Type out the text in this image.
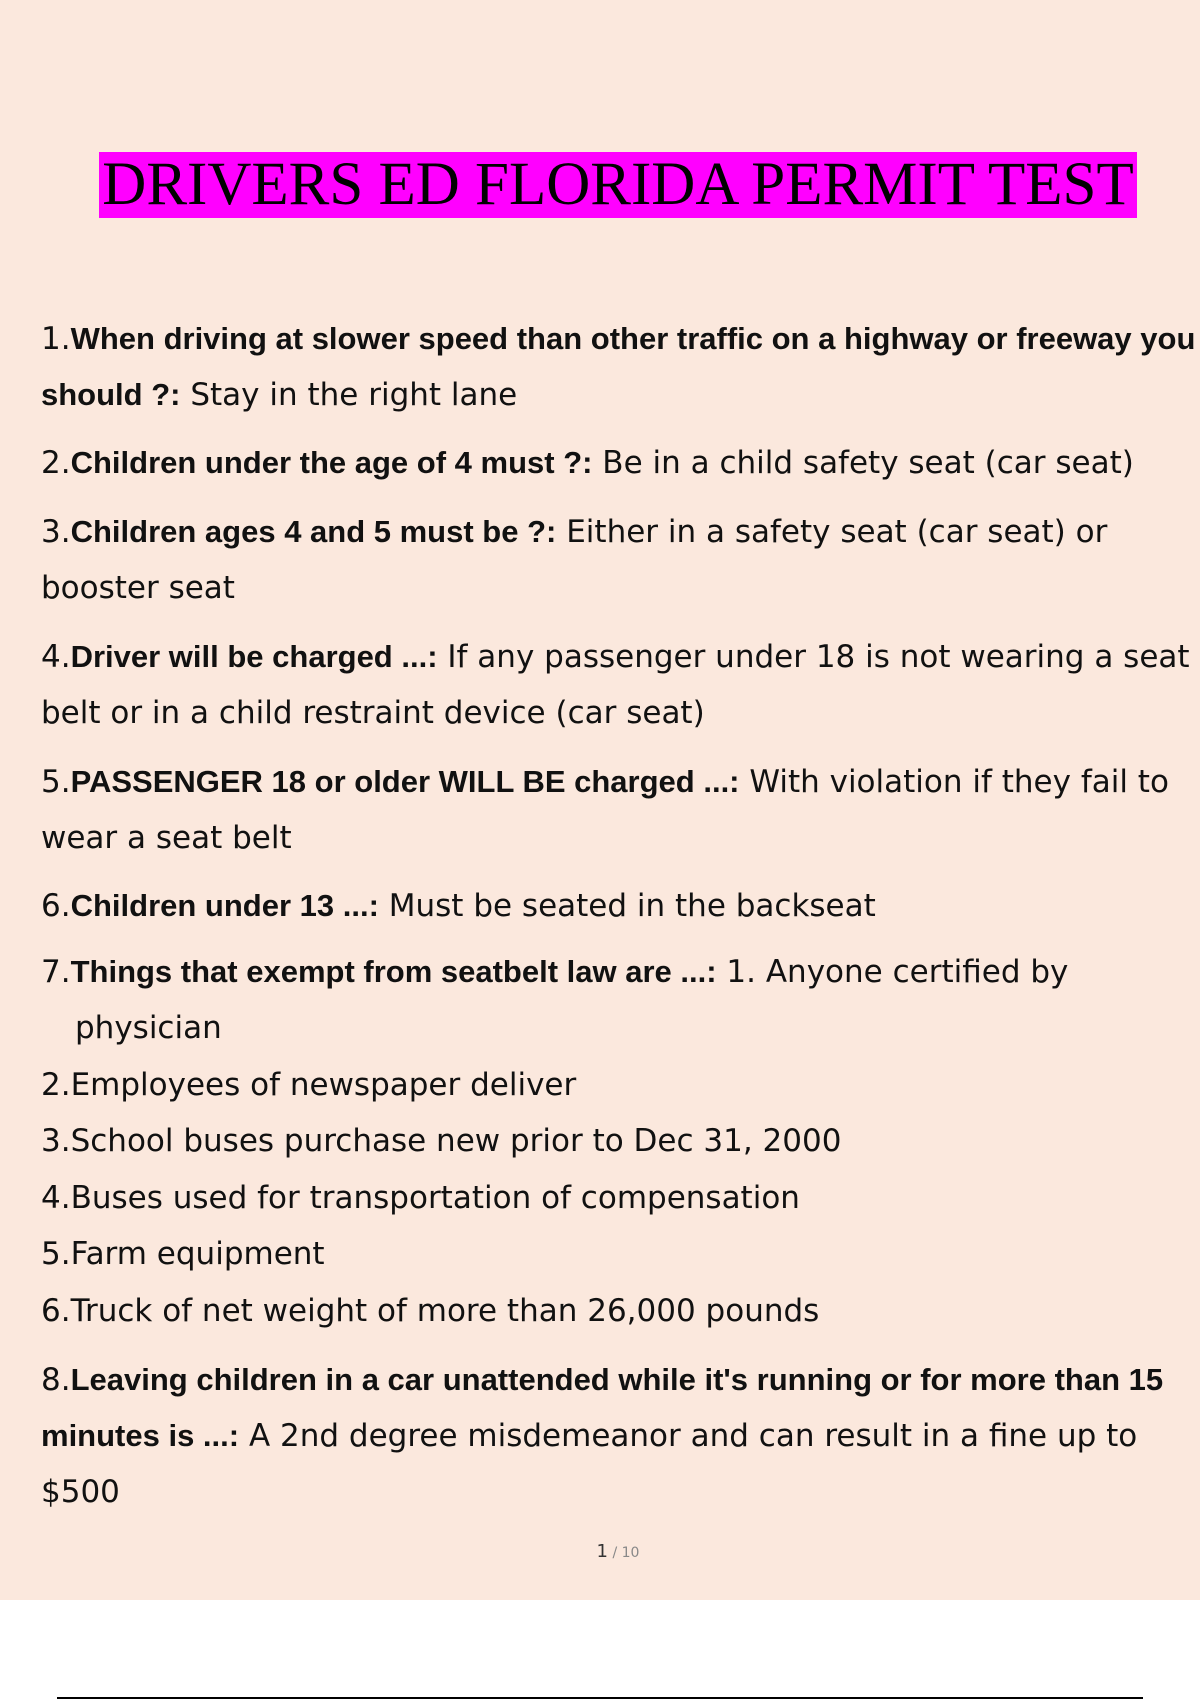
DRIVERS ED FLORIDA PERMIT TEST
1.When driving at slower speed than other traffic on a highway or freeway you should ?: Stay in the right lane
2.Children under the age of 4 must ?: Be in a child safety seat (car seat)
3.Children ages 4 and 5 must be ?: Either in a safety seat (car seat) or booster seat
4.Driver will be charged ...: If any passenger under 18 is not wearing a seat belt or in a child restraint device (car seat)
5.PASSENGER 18 or older WILL BE charged ...: With violation if they fail to wear a seat belt
6.Children under 13 ...: Must be seated in the backseat
7.Things that exempt from seatbelt law are ...: 1. Anyone certified by physician
2.Employees of newspaper deliver
3.School buses purchase new prior to Dec 31, 2000
4.Buses used for transportation of compensation
5.Farm equipment
6.Truck of net weight of more than 26,000 pounds
8.Leaving children in a car unattended while it's running or for more than 15 minutes is ...: A 2nd degree misdemeanor and can result in a fine up to $500
1 / 10
